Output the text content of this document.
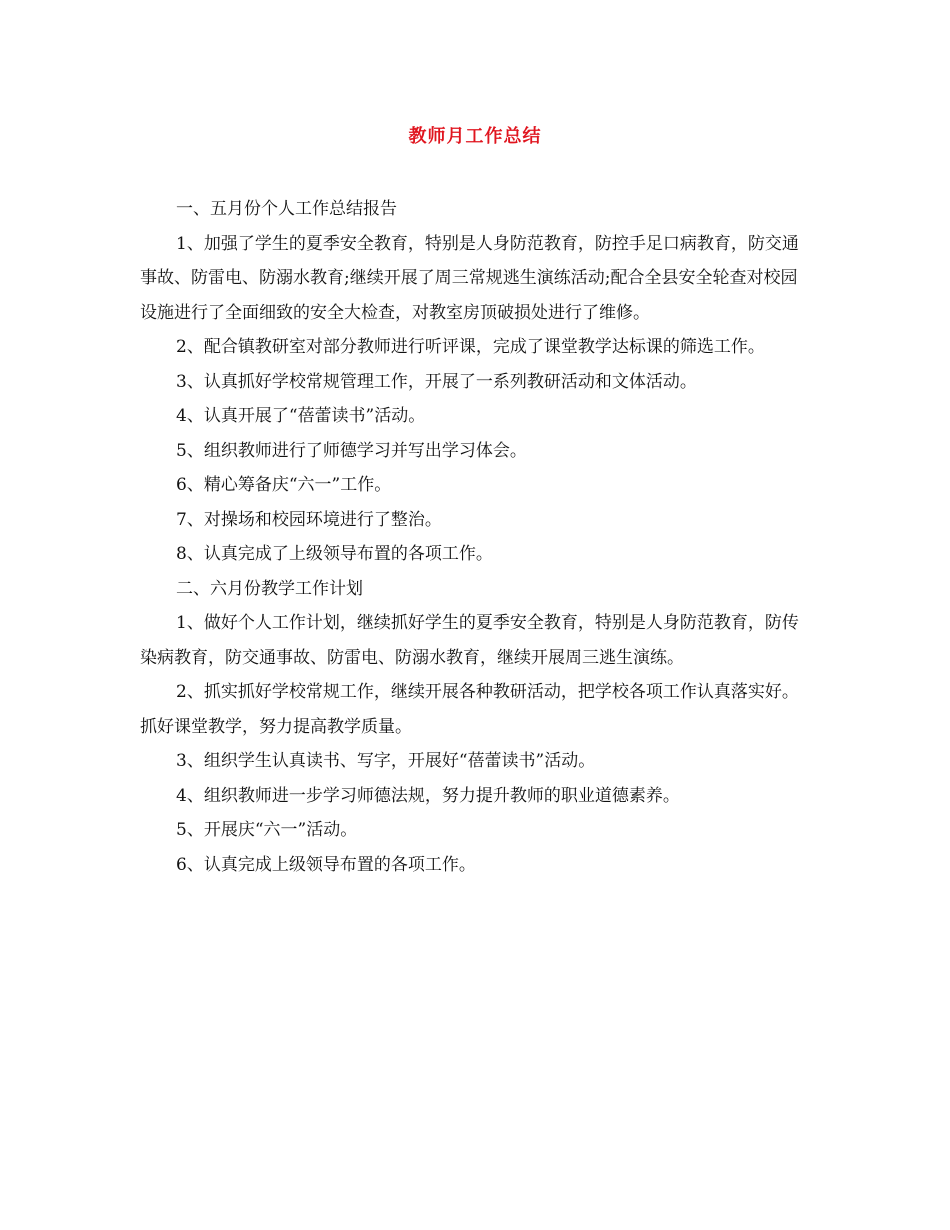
教师月工作总结

一、五月份个人工作总结报告

1、加强了学生的夏季安全教育，特别是人身防范教育，防控手足口病教育，防交通事故、防雷电、防溺水教育;继续开展了周三常规逃生演练活动;配合全县安全轮查对校园设施进行了全面细致的安全大检查，对教室房顶破损处进行了维修。

2、配合镇教研室对部分教师进行听评课，完成了课堂教学达标课的筛选工作。

3、认真抓好学校常规管理工作，开展了一系列教研活动和文体活动。

4、认真开展了“蓓蕾读书”活动。

5、组织教师进行了师德学习并写出学习体会。

6、精心筹备庆“六一”工作。

7、对操场和校园环境进行了整治。

8、认真完成了上级领导布置的各项工作。

二、六月份教学工作计划

1、做好个人工作计划，继续抓好学生的夏季安全教育，特别是人身防范教育，防传染病教育，防交通事故、防雷电、防溺水教育，继续开展周三逃生演练。

2、抓实抓好学校常规工作，继续开展各种教研活动，把学校各项工作认真落实好。抓好课堂教学，努力提高教学质量。

3、组织学生认真读书、写字，开展好“蓓蕾读书”活动。

4、组织教师进一步学习师德法规，努力提升教师的职业道德素养。

5、开展庆“六一”活动。

6、认真完成上级领导布置的各项工作。
